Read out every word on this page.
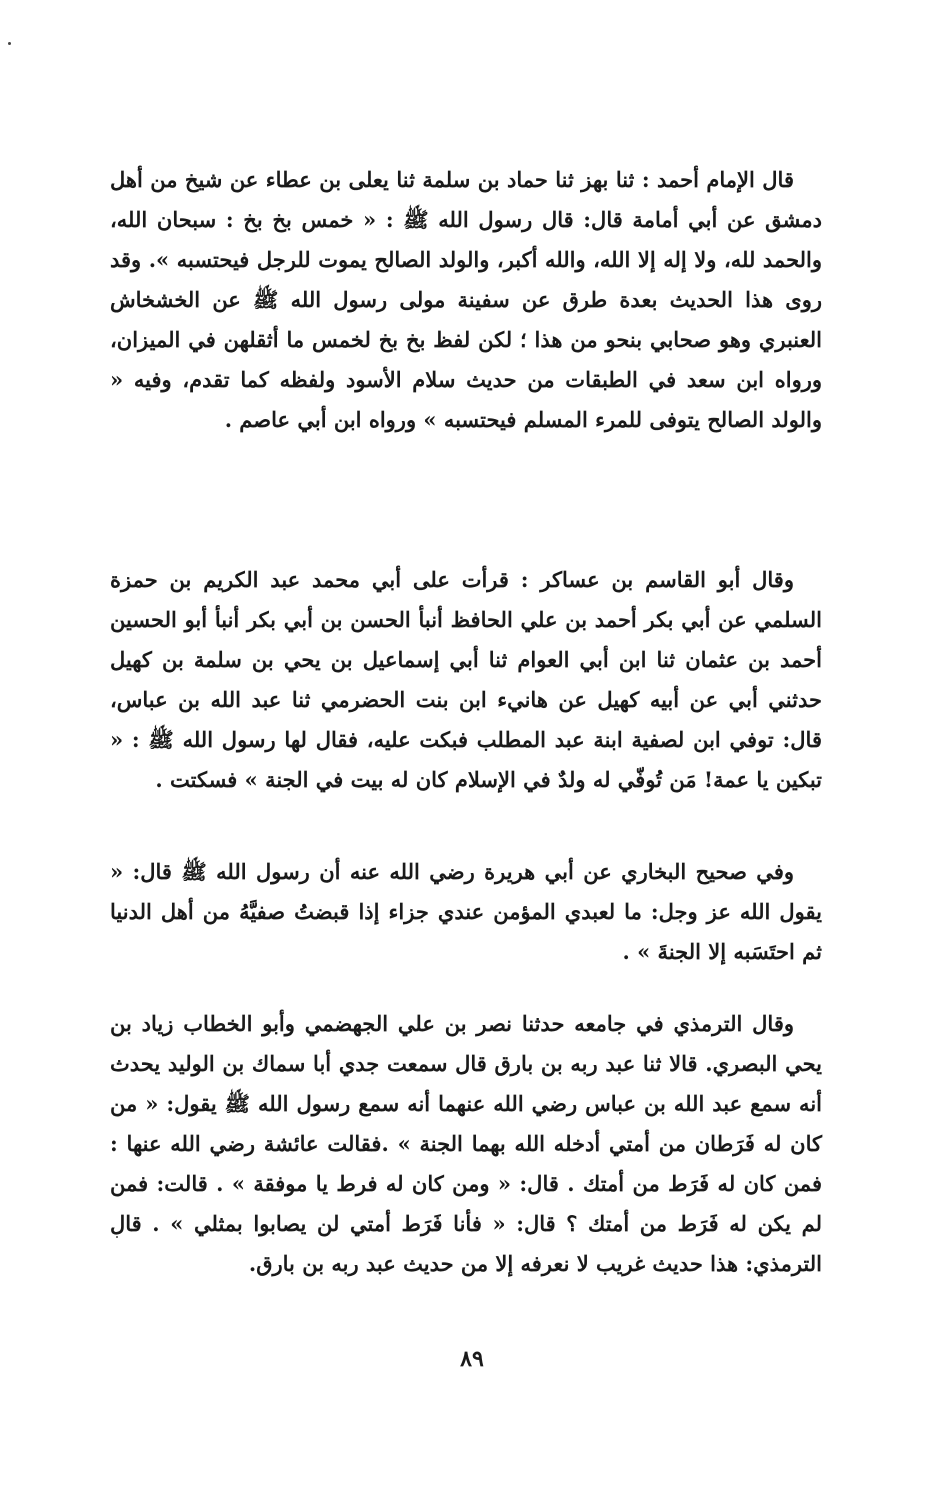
قال الإمام أحمد : ثنا بهز ثنا حماد بن سلمة ثنا يعلى بن عطاء عن شيخ من أهل دمشق عن أبي أمامة قال: قال رسول الله ﷺ : « خمس بخ بخ : سبحان الله، والحمد لله، ولا إله إلا الله، والله أكبر، والولد الصالح يموت للرجل فيحتسبه ». وقد روى هذا الحديث بعدة طرق عن سفينة مولى رسول الله ﷺ عن الخشخاش العنبري وهو صحابي بنحو من هذا ؛ لكن لفظ بخ بخ لخمس ما أثقلهن في الميزان، ورواه ابن سعد في الطبقات من حديث سلام الأسود ولفظه كما تقدم، وفيه « والولد الصالح يتوفى للمرء المسلم فيحتسبه » ورواه ابن أبي عاصم .

وقال أبو القاسم بن عساكر : قرأت على أبي محمد عبد الكريم بن حمزة السلمي عن أبي بكر أحمد بن علي الحافظ أنبأ الحسن بن أبي بكر أنبأ أبو الحسين أحمد بن عثمان ثنا ابن أبي العوام ثنا أبي إسماعيل بن يحي بن سلمة بن كهيل حدثني أبي عن أبيه كهيل عن هانيء ابن بنت الحضرمي ثنا عبد الله بن عباس، قال: توفي ابن لصفية ابنة عبد المطلب فبكت عليه، فقال لها رسول الله ﷺ : « تبكين يا عمة! مَن تُوفّي له ولدٌ في الإسلام كان له بيت في الجنة » فسكتت .

وفي صحيح البخاري عن أبي هريرة رضي الله عنه أن رسول الله ﷺ قال: « يقول الله عز وجل: ما لعبدي المؤمن عندي جزاء إذا قبضتُ صفيَّهُ من أهل الدنيا ثم احتَسَبه إلا الجنةَ » .

وقال الترمذي في جامعه حدثنا نصر بن علي الجهضمي وأبو الخطاب زياد بن يحي البصري. قالا ثنا عبد ربه بن بارق قال سمعت جدي أبا سماك بن الوليد يحدث أنه سمع عبد الله بن عباس رضي الله عنهما أنه سمع رسول الله ﷺ يقول: « من كان له فَرَطان من أمتي أدخله الله بهما الجنة » .فقالت عائشة رضي الله عنها : فمن كان له فَرَط من أمتك . قال: « ومن كان له فرط يا موفقة » . قالت: فمن لم يكن له فَرَط من أمتك ؟ قال: « فأنا فَرَط أمتي لن يصابوا بمثلي » . قال الترمذي: هذا حديث غريب لا نعرفه إلا من حديث عبد ربه بن بارق.

٨٩
